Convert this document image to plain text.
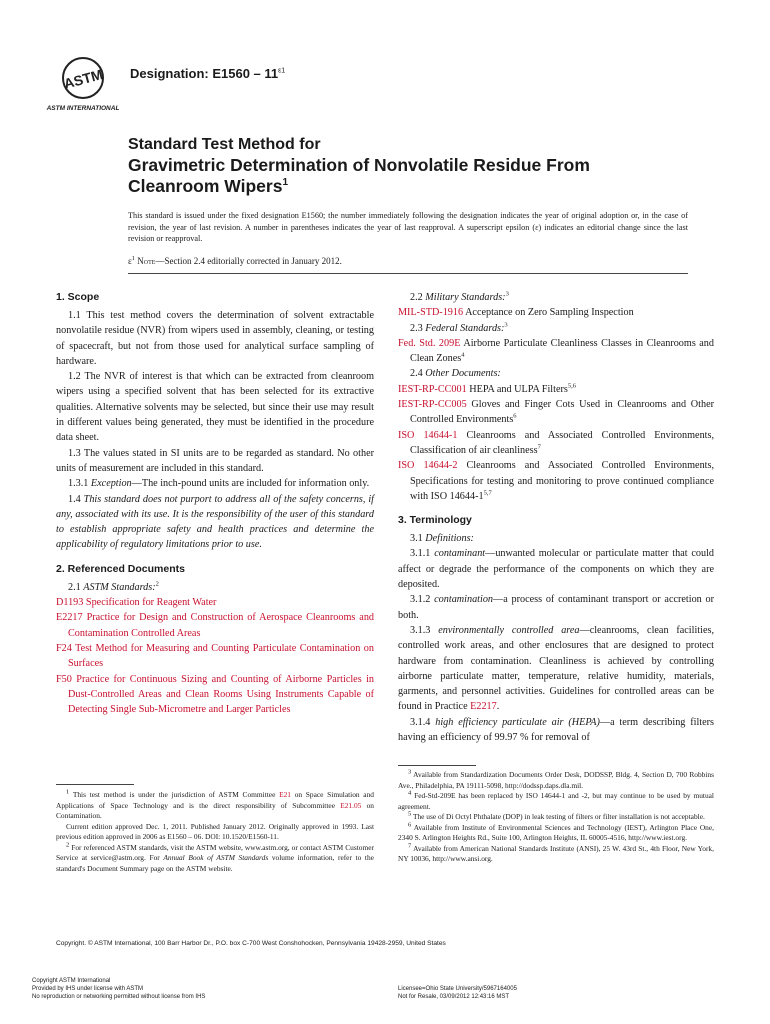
ASTM
ASTM INTERNATIONAL
Designation: $E1560 - 11^{\varepsilon 1}$
Standard Test Method for
Gravimetric Determination of Nonvolatile Residue From
Cleanroom Wipers$^1$
This standard is issued under the fixed designation E1560; the number immediately following the designation indicates the year of original adoption or, in the case of revision, the year of last revision. A number in parentheses indicates the year of last reapproval. A superscript epsilon (ε) indicates an editorial change since the last revision or reapproval.
$\varepsilon^1$ Note—Section 2.4 editorially corrected in January 2012.
1. Scope

1.1 This test method covers the determination of solvent extractable nonvolatile residue (NVR) from wipers used in assembly, cleaning, or testing of spacecraft, but not from those used for analytical surface sampling of hardware.

1.2 The NVR of interest is that which can be extracted from cleanroom wipers using a specified solvent that has been selected for its extractive qualities. Alternative solvents may be selected, but since their use may result in different values being generated, they must be identified in the procedure data sheet.

1.3 The values stated in SI units are to be regarded as standard. No other units of measurement are included in this standard.

1.3.1 Exception—The inch-pound units are included for information only.

1.4 This standard does not purport to address all of the safety concerns, if any, associated with its use. It is the responsibility of the user of this standard to establish appropriate safety and health practices and determine the applicability of regulatory limitations prior to use.

2. Referenced Documents

2.1 ASTM Standards:$^2$

D1193 Specification for Reagent Water

E2217 Practice for Design and Construction of Aerospace Cleanrooms and Contamination Controlled Areas

F24 Test Method for Measuring and Counting Particulate Contamination on Surfaces

F50 Practice for Continuous Sizing and Counting of Airborne Particles in Dust-Controlled Areas and Clean Rooms Using Instruments Capable of Detecting Single Sub-Micrometre and Larger Particles

$^1$ This test method is under the jurisdiction of ASTM Committee E21 on Space Simulation and Applications of Space Technology and is the direct responsibility of Subcommittee E21.05 on Contamination.

Current edition approved Dec. 1, 2011. Published January 2012. Originally approved in 1993. Last previous edition approved in 2006 as E1560 – 06. DOI: 10.1520/E1560-11.

$^2$ For referenced ASTM standards, visit the ASTM website, www.astm.org, or contact ASTM Customer Service at service@astm.org. For Annual Book of ASTM Standards volume information, refer to the standard's Document Summary page on the ASTM website.

2.2 Military Standards:$^3$

MIL-STD-1916 Acceptance on Zero Sampling Inspection

2.3 Federal Standards:$^3$

Fed. Std. 209E Airborne Particulate Cleanliness Classes in Cleanrooms and Clean Zones$^4$

2.4 Other Documents:

IEST-RP-CC001 HEPA and ULPA Filters$^{5,6}$

IEST-RP-CC005 Gloves and Finger Cots Used in Cleanrooms and Other Controlled Environments$^6$

ISO 14644-1 Cleanrooms and Associated Controlled Environments, Classification of air cleanliness$^7$

ISO 14644-2 Cleanrooms and Associated Controlled Environments, Specifications for testing and monitoring to prove continued compliance with ISO 14644-1$^{5,7}$

3. Terminology

3.1 Definitions:

3.1.1 contaminant—unwanted molecular or particulate matter that could affect or degrade the performance of the components on which they are deposited.

3.1.2 contamination—a process of contaminant transport or accretion or both.

3.1.3 environmentally controlled area—cleanrooms, clean facilities, controlled work areas, and other enclosures that are designed to protect hardware from contamination. Cleanliness is achieved by controlling airborne particulate matter, temperature, relative humidity, materials, garments, and personnel activities. Guidelines for controlled areas can be found in Practice E2217.

3.1.4 high efficiency particulate air (HEPA)—a term describing filters having an efficiency of 99.97 % for removal of

$^3$ Available from Standardization Documents Order Desk, DODSSP, Bldg. 4, Section D, 700 Robbins Ave., Philadelphia, PA 19111-5098, http://dodssp.daps.dla.mil.

$^4$ Fed-Std-209E has been replaced by ISO 14644-1 and -2, but may continue to be used by mutual agreement.

$^5$ The use of Di Octyl Phthalate (DOP) in leak testing of filters or filter installation is not acceptable.

$^6$ Available from Institute of Environmental Sciences and Technology (IEST), Arlington Place One, 2340 S. Arlington Heights Rd., Suite 100, Arlington Heights, IL 60005-4516, http://www.iest.org.

$^7$ Available from American National Standards Institute (ANSI), 25 W. 43rd St., 4th Floor, New York, NY 10036, http://www.ansi.org.

Copyright. © ASTM International, 100 Barr Harbor Dr., P.O. box C-700 West Conshohocken, Pennsylvania 19428-2959, United States
Copyright ASTM International
Provided by IHS under license with ASTM
No reproduction or networking permitted without license from IHS
Licensee=Ohio State University/5967164005
Not for Resale, 03/09/2012 12:43:16 MST
